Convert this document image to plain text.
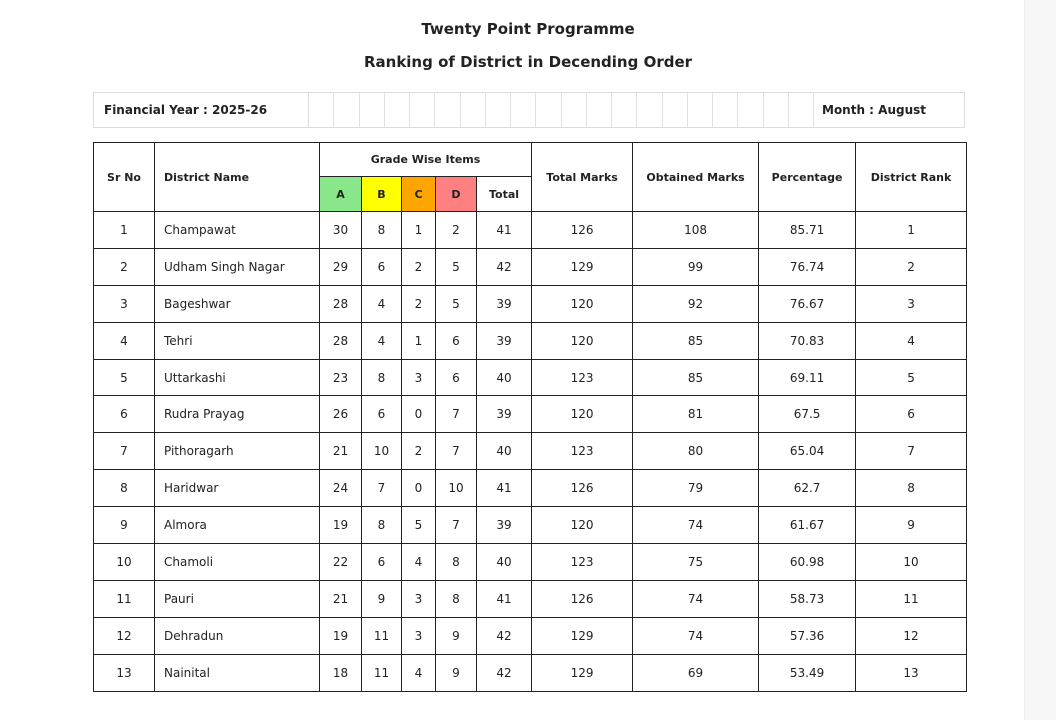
Twenty Point Programme
Ranking of District in Decending Order
Financial Year : 2025-26	Month : August
Sr No	District Name	Grade Wise Items					Total Marks	Obtained Marks	Percentage	District Rank
		A	B	C	D	Total				
1	Champawat	30	8	1	2	41	126	108	85.71	1
2	Udham Singh Nagar	29	6	2	5	42	129	99	76.74	2
3	Bageshwar	28	4	2	5	39	120	92	76.67	3
4	Tehri	28	4	1	6	39	120	85	70.83	4
5	Uttarkashi	23	8	3	6	40	123	85	69.11	5
6	Rudra Prayag	26	6	0	7	39	120	81	67.5	6
7	Pithoragarh	21	10	2	7	40	123	80	65.04	7
8	Haridwar	24	7	0	10	41	126	79	62.7	8
9	Almora	19	8	5	7	39	120	74	61.67	9
10	Chamoli	22	6	4	8	40	123	75	60.98	10
11	Pauri	21	9	3	8	41	126	74	58.73	11
12	Dehradun	19	11	3	9	42	129	74	57.36	12
13	Nainital	18	11	4	9	42	129	69	53.49	13
